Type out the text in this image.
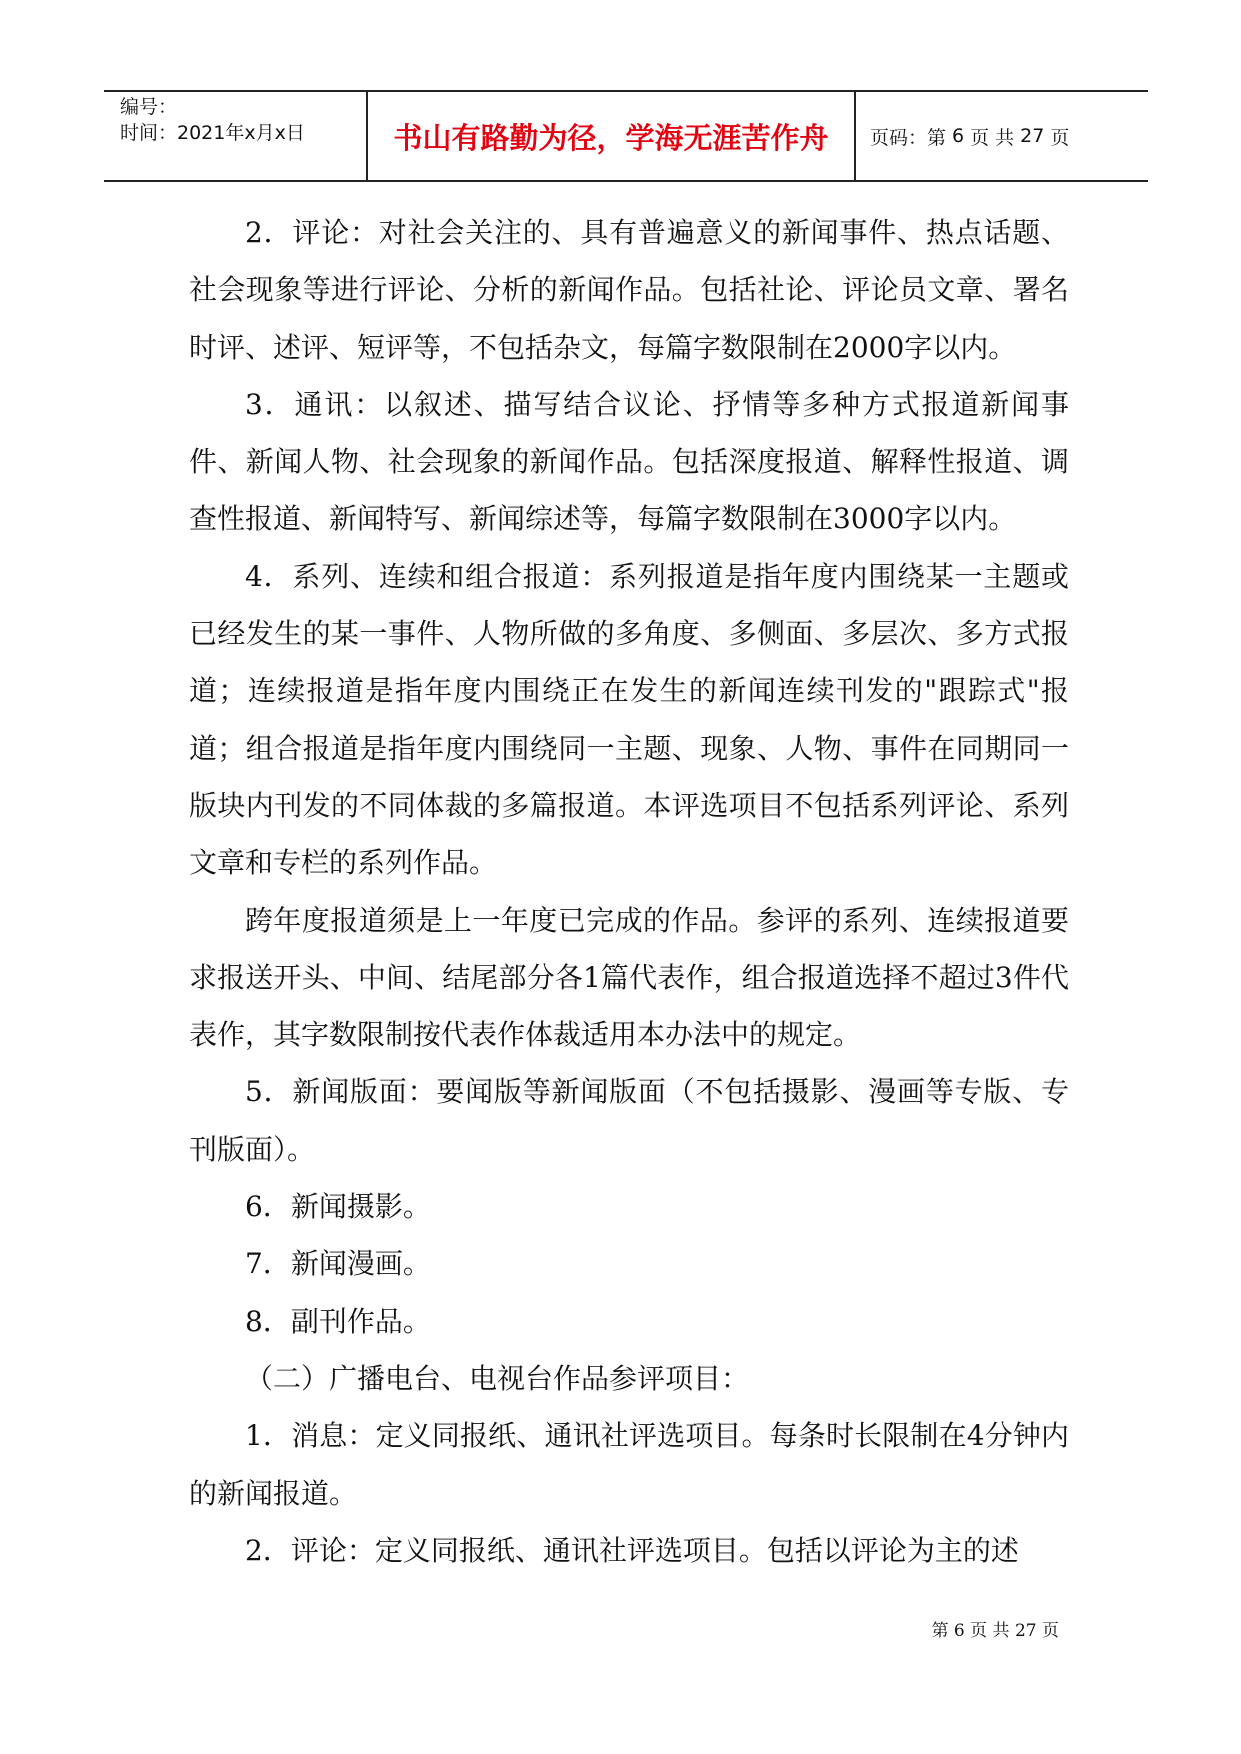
编号：
时间：2021年x月x日	书山有路勤为径，学海无涯苦作舟 页码：第 6 页 共 27 页

2．评论：对社会关注的、具有普遍意义的新闻事件、热点话题、社会现象等进行评论、分析的新闻作品。包括社论、评论员文章、署名时评、述评、短评等，不包括杂文，每篇字数限制在2000字以内。

3．通讯：以叙述、描写结合议论、抒情等多种方式报道新闻事件、新闻人物、社会现象的新闻作品。包括深度报道、解释性报道、调查性报道、新闻特写、新闻综述等，每篇字数限制在3000字以内。

4．系列、连续和组合报道：系列报道是指年度内围绕某一主题或已经发生的某一事件、人物所做的多角度、多侧面、多层次、多方式报道；连续报道是指年度内围绕正在发生的新闻连续刊发的"跟踪式"报道；组合报道是指年度内围绕同一主题、现象、人物、事件在同期同一版块内刊发的不同体裁的多篇报道。本评选项目不包括系列评论、系列文章和专栏的系列作品。

跨年度报道须是上一年度已完成的作品。参评的系列、连续报道要求报送开头、中间、结尾部分各1篇代表作，组合报道选择不超过3件代表作，其字数限制按代表作体裁适用本办法中的规定。

5．新闻版面：要闻版等新闻版面（不包括摄影、漫画等专版、专刊版面）。

6．新闻摄影。

7．新闻漫画。

8．副刊作品。

（二）广播电台、电视台作品参评项目：

1．消息：定义同报纸、通讯社评选项目。每条时长限制在4分钟内的新闻报道。

2．评论：定义同报纸、通讯社评选项目。包括以评论为主的述

第 6 页 共 27 页
